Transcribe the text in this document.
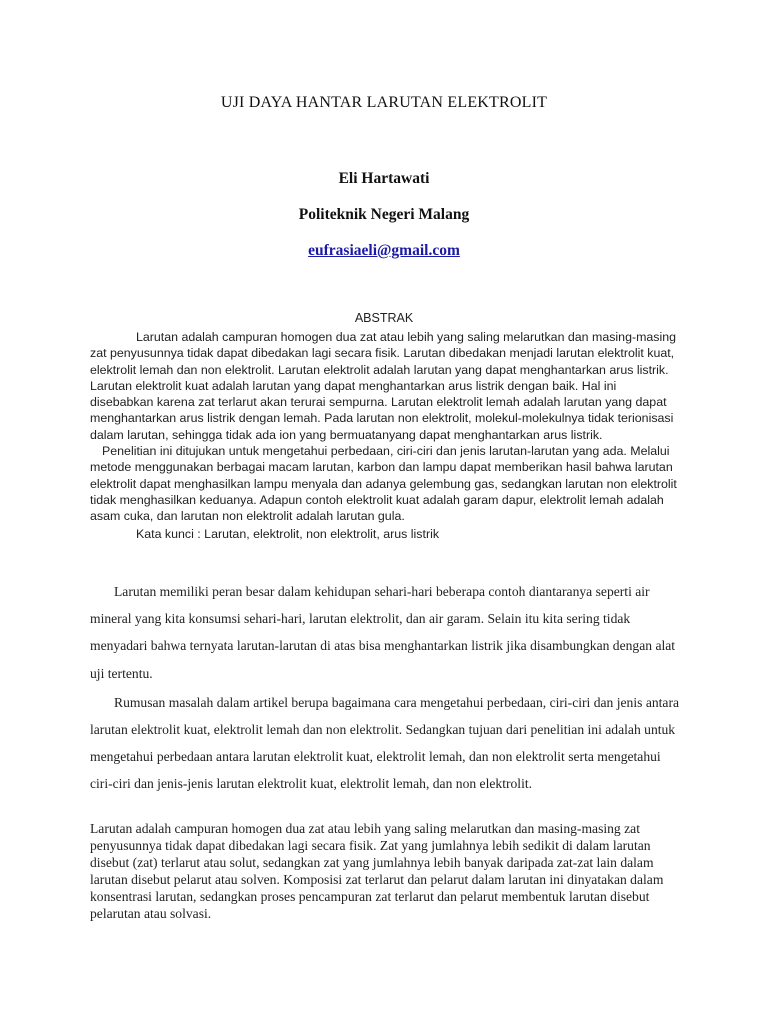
UJI DAYA HANTAR LARUTAN ELEKTROLIT
Eli Hartawati
Politeknik Negeri Malang
eufrasiaeli@gmail.com
ABSTRAK

Larutan adalah campuran homogen dua zat atau lebih yang saling melarutkan dan masing-masing zat penyusunnya tidak dapat dibedakan lagi secara fisik. Larutan dibedakan menjadi larutan elektrolit kuat, elektrolit lemah dan non elektrolit. Larutan elektrolit adalah larutan yang dapat menghantarkan arus listrik. Larutan elektrolit kuat adalah larutan yang dapat menghantarkan arus listrik dengan baik. Hal ini disebabkan karena zat terlarut akan terurai sempurna. Larutan elektrolit lemah adalah larutan yang dapat menghantarkan arus listrik dengan lemah. Pada larutan non elektrolit, molekul-molekulnya tidak terionisasi dalam larutan, sehingga tidak ada ion yang bermuatanyang dapat menghantarkan arus listrik.

Penelitian ini ditujukan untuk mengetahui perbedaan, ciri-ciri dan jenis larutan-larutan yang ada. Melalui metode menggunakan berbagai macam larutan, karbon dan lampu dapat memberikan hasil bahwa larutan elektrolit dapat menghasilkan lampu menyala dan adanya gelembung gas, sedangkan larutan non elektrolit tidak menghasilkan keduanya. Adapun contoh elektrolit kuat adalah garam dapur, elektrolit lemah adalah asam cuka, dan larutan non elektrolit adalah larutan gula.

Kata kunci : Larutan, elektrolit, non elektrolit, arus listrik

Larutan memiliki peran besar dalam kehidupan sehari-hari beberapa contoh diantaranya seperti air mineral yang kita konsumsi sehari-hari, larutan elektrolit, dan air garam. Selain itu kita sering tidak menyadari bahwa ternyata larutan-larutan di atas bisa menghantarkan listrik jika disambungkan dengan alat uji tertentu.

Rumusan masalah dalam artikel berupa bagaimana cara mengetahui perbedaan, ciri-ciri dan jenis antara larutan elektrolit kuat, elektrolit lemah dan non elektrolit. Sedangkan tujuan dari penelitian ini adalah untuk mengetahui perbedaan antara larutan elektrolit kuat, elektrolit lemah, dan non elektrolit serta mengetahui ciri-ciri dan jenis-jenis larutan elektrolit kuat, elektrolit lemah, dan non elektrolit.

Larutan adalah campuran homogen dua zat atau lebih yang saling melarutkan dan masing-masing zat penyusunnya tidak dapat dibedakan lagi secara fisik. Zat yang jumlahnya lebih sedikit di dalam larutan disebut (zat) terlarut atau solut, sedangkan zat yang jumlahnya lebih banyak daripada zat-zat lain dalam larutan disebut pelarut atau solven. Komposisi zat terlarut dan pelarut dalam larutan ini dinyatakan dalam konsentrasi larutan, sedangkan proses pencampuran zat terlarut dan pelarut membentuk larutan disebut pelarutan atau solvasi.
